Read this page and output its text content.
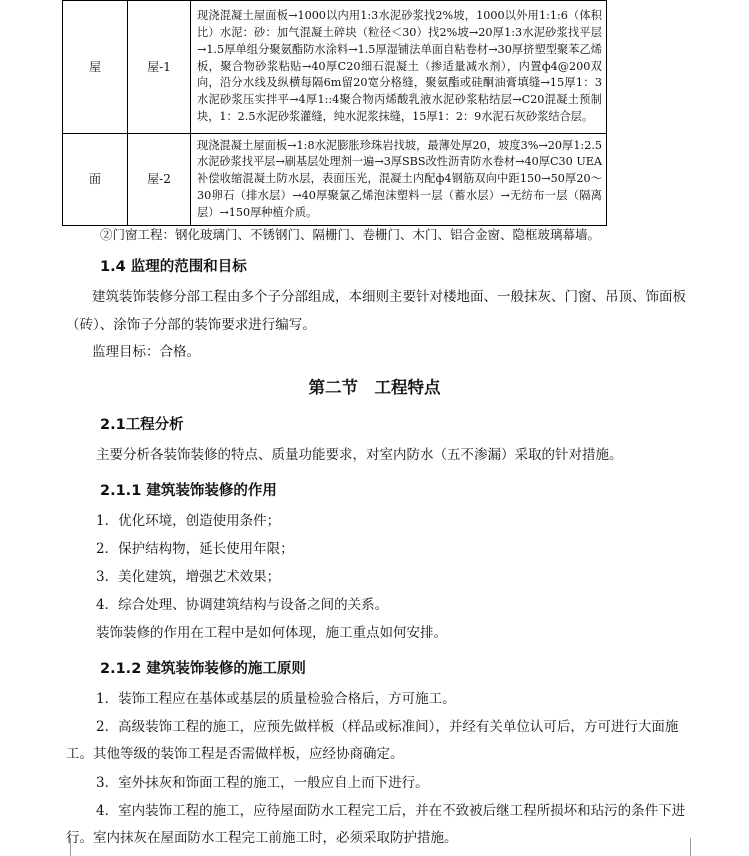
屋	屋-1	现浇混凝土屋面板→1000以内用1:3水泥砂浆找2%坡，1000以外用1:1:6（体积比）水泥：砂：加气混凝土碎块（粒径＜30）找2%坡→20厚1:3水泥砂浆找平层→1.5厚单组分聚氨酯防水涂料→1.5厚湿铺法单面自粘卷材→30厚挤塑型聚苯乙烯板，聚合物砂浆粘贴→40厚C20细石混凝土（掺适量减水剂），内置ф4@200双向，沿分水线及纵横每隔6m留20宽分格缝，聚氨酯或硅酮油膏填缝→15厚1：3水泥砂浆压实拌平→4厚1::4聚合物丙烯酸乳液水泥砂浆粘结层→C20混凝土预制块，1：2.5水泥砂浆灌缝，纯水泥浆抹缝，15厚1：2：9水泥石灰砂浆结合层。

面	屋-2	现浇混凝土屋面板→1:8水泥膨胀珍珠岩找坡，最薄处厚20，坡度3%→20厚1:2.5水泥砂浆找平层→刷基层处理剂一遍→3厚SBS改性沥青防水卷材→40厚C30 UEA补偿收缩混凝土防水层，表面压光，混凝土内配ф4钢筋双向中距150→50厚20～30卵石（排水层）→40厚聚氯乙烯泡沫塑料一层（蓄水层）→无纺布一层（隔离层）→150厚种植介质。
②门窗工程：钢化玻璃门、不锈钢门、隔栅门、卷栅门、木门、铝合金窗、隐框玻璃幕墙。
1.4 监理的范围和目标
建筑装饰装修分部工程由多个子分部组成，本细则主要针对楼地面、一般抹灰、门窗、吊顶、饰面板（砖）、涂饰子分部的装饰要求进行编写。
监理目标：合格。
第二节　工程特点
2.1工程分析
主要分析各装饰装修的特点、质量功能要求，对室内防水（五不渗漏）采取的针对措施。
2.1.1 建筑装饰装修的作用
1．优化环境，创造使用条件；
2．保护结构物，延长使用年限；
3．美化建筑，增强艺术效果；
4．综合处理、协调建筑结构与设备之间的关系。
装饰装修的作用在工程中是如何体现，施工重点如何安排。
2.1.2 建筑装饰装修的施工原则
1．装饰工程应在基体或基层的质量检验合格后，方可施工。
2．高级装饰工程的施工，应预先做样板（样品或标准间），并经有关单位认可后，方可进行大面施工。其他等级的装饰工程是否需做样板，应经协商确定。
3．室外抹灰和饰面工程的施工，一般应自上而下进行。
4．室内装饰工程的施工，应待屋面防水工程完工后，并在不致被后继工程所损坏和玷污的条件下进行。室内抹灰在屋面防水工程完工前施工时，必须采取防护措施。
